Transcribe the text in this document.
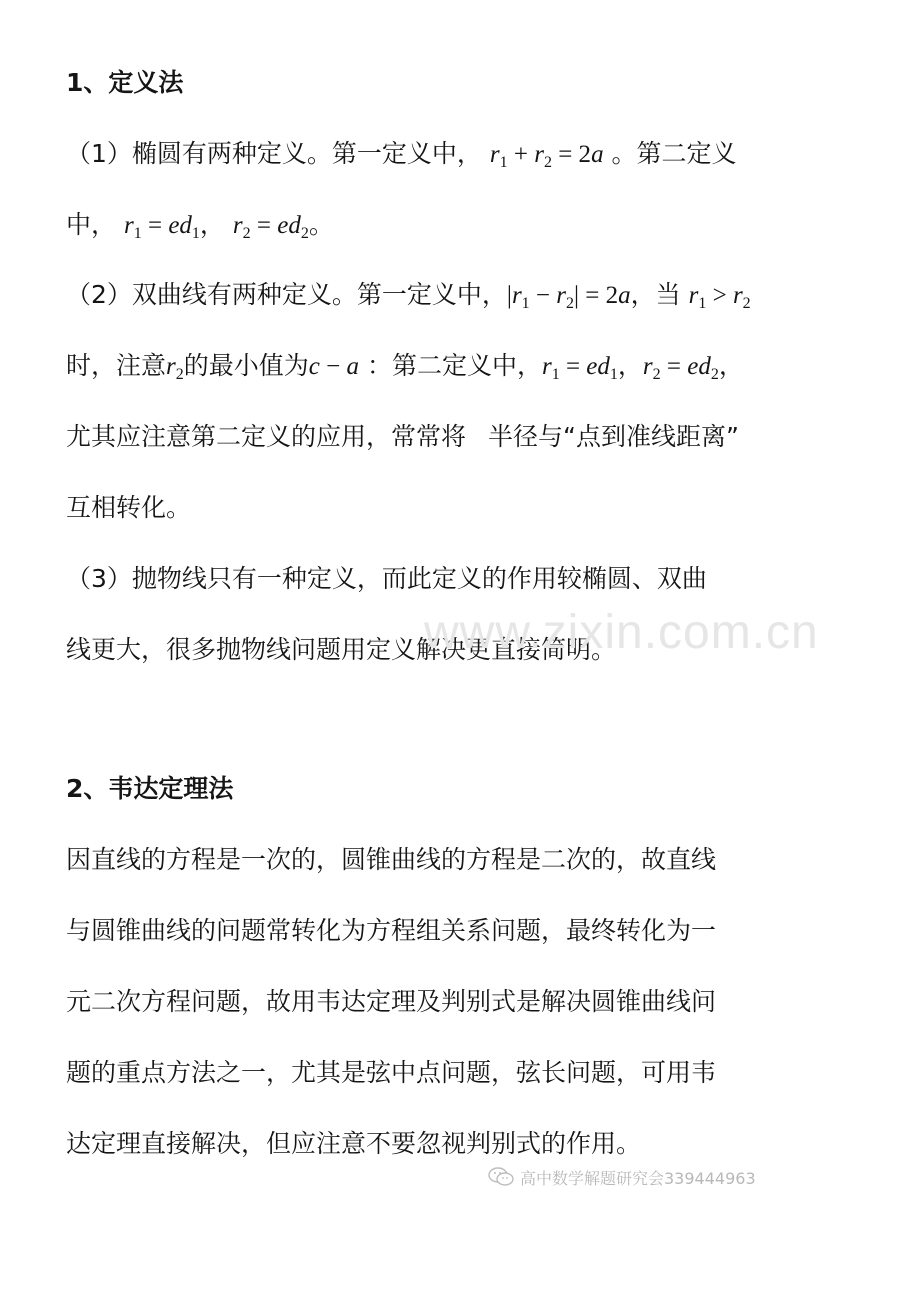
1、定义法
（1）椭圆有两种定义。第一定义中， $r_1 + r_2 = 2a$ 。第二定义
中， $r_1 = ed_1$， $r_2 = ed_2$。
（2）双曲线有两种定义。第一定义中，$|r_1 - r_2| = 2a$，当 $r_1 > r_2$
时，注意$r_2$的最小值为c − a ：第二定义中，$r_1 = ed_1$，$r_2 = ed_2$，
尤其应注意第二定义的应用，常常将 半径与“点到准线距离”
互相转化。
（3）抛物线只有一种定义，而此定义的作用较椭圆、双曲
线更大，很多抛物线问题用定义解决更直接简明。
2、韦达定理法
因直线的方程是一次的，圆锥曲线的方程是二次的，故直线
与圆锥曲线的问题常转化为方程组关系问题，最终转化为一
元二次方程问题，故用韦达定理及判别式是解决圆锥曲线问
题的重点方法之一，尤其是弦中点问题，弦长问题，可用韦
达定理直接解决，但应注意不要忽视判别式的作用。
www.zixin.com.cn
高中数学解题研究会339444963
